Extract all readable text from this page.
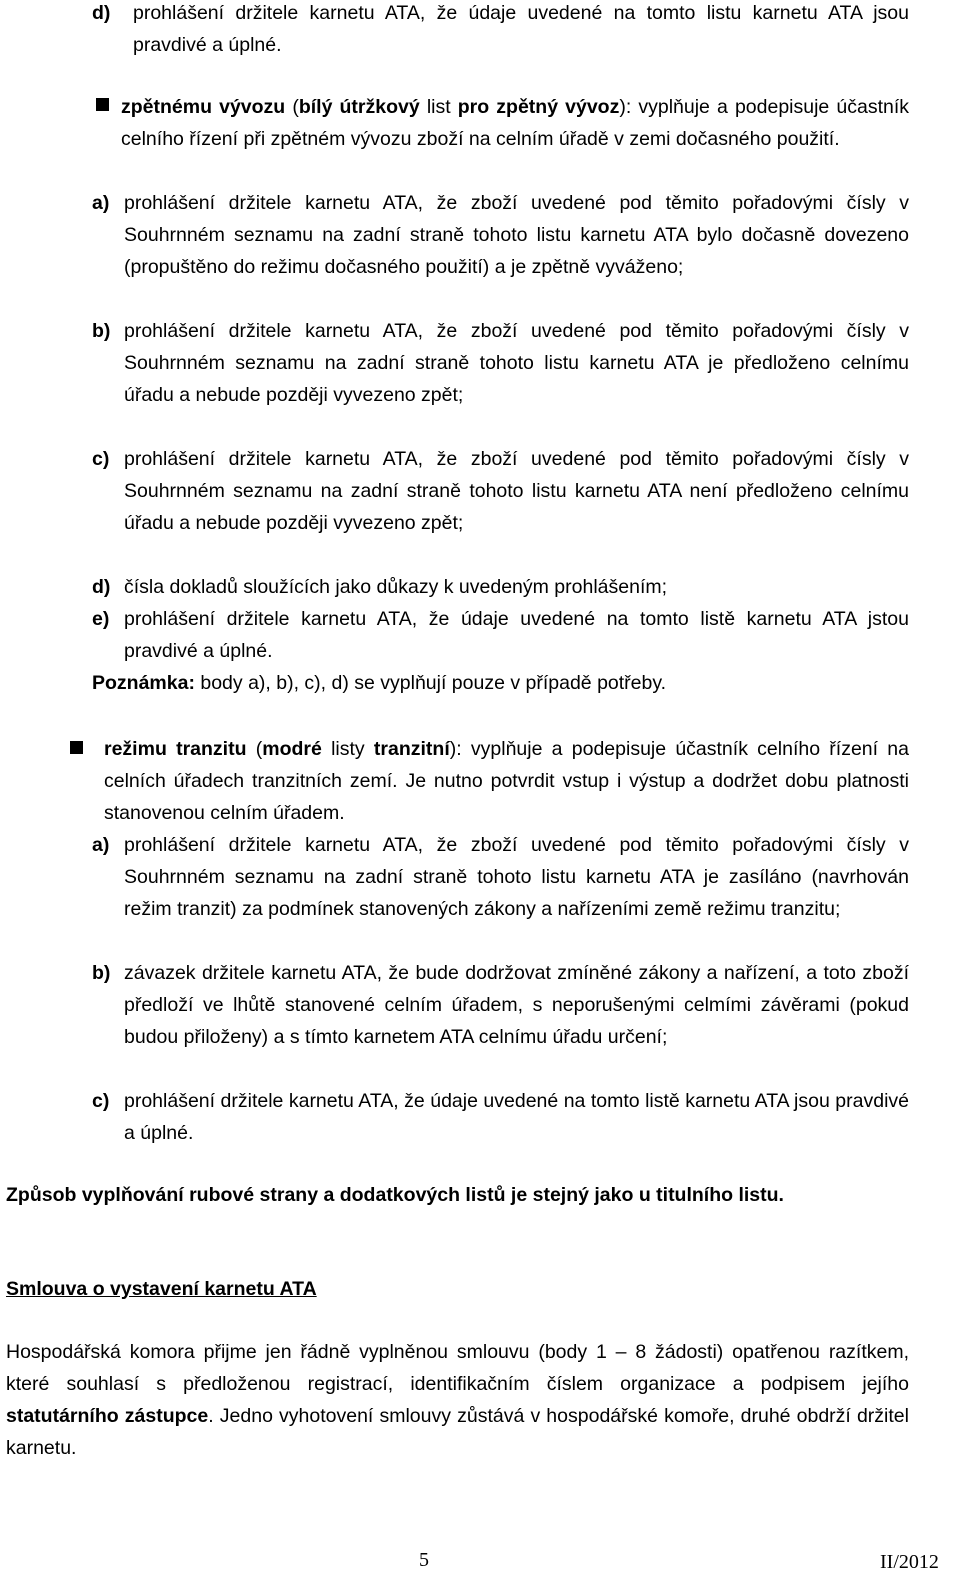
d) prohlášení držitele karnetu ATA, že údaje uvedené na tomto listu karnetu ATA jsou pravdivé a úplné.
zpětnému vývozu (bílý útržkový list pro zpětný vývoz): vyplňuje a podepisuje účastník celního řízení při zpětném vývozu zboží na celním úřadě v zemi dočasného použití.
a) prohlášení držitele karnetu ATA, že zboží uvedené pod těmito pořadovými čísly v Souhrnném seznamu na zadní straně tohoto listu karnetu ATA bylo dočasně dovezeno (propuštěno do režimu dočasného použití) a je zpětně vyváženo;
b) prohlášení držitele karnetu ATA, že zboží uvedené pod těmito pořadovými čísly v Souhrnném seznamu na zadní straně tohoto listu karnetu ATA je předloženo celnímu úřadu a nebude později vyvezeno zpět;
c) prohlášení držitele karnetu ATA, že zboží uvedené pod těmito pořadovými čísly v Souhrnném seznamu na zadní straně tohoto listu karnetu ATA není předloženo celnímu úřadu a nebude později vyvezeno zpět;
d) čísla dokladů sloužících jako důkazy k uvedeným prohlášením;
e) prohlášení držitele karnetu ATA, že údaje uvedené na tomto listě karnetu ATA jstou pravdivé a úplné.
Poznámka: body a), b), c), d) se vyplňují pouze v případě potřeby.
režimu tranzitu (modré listy tranzitní): vyplňuje a podepisuje účastník celního řízení na celních úřadech tranzitních zemí. Je nutno potvrdit vstup i výstup a dodržet dobu platnosti stanovenou celním úřadem.
a) prohlášení držitele karnetu ATA, že zboží uvedené pod těmito pořadovými čísly v Souhrnném seznamu na zadní straně tohoto listu karnetu ATA je zasíláno (navrhován režim tranzit) za podmínek stanovených zákony a nařízeními země režimu tranzitu;
b) závazek držitele karnetu ATA, že bude dodržovat zmíněné zákony a nařízení, a toto zboží předloží ve lhůtě stanovené celním úřadem, s neporušenými celmími závěrami (pokud budou přiloženy) a s tímto karnetem ATA celnímu úřadu určení;
c) prohlášení držitele karnetu ATA, že údaje uvedené na tomto listě karnetu ATA jsou pravdivé a úplné.
Způsob vyplňování rubové strany a dodatkových listů je stejný jako u titulního listu.
Smlouva o vystavení karnetu ATA
Hospodářská komora přijme jen řádně vyplněnou smlouvu (body 1 – 8 žádosti) opatřenou razítkem, které souhlasí s předloženou registrací, identifikačním číslem organizace a podpisem jejího statutárního zástupce. Jedno vyhotovení smlouvy zůstává v hospodářské komoře, druhé obdrží držitel karnetu.
5	II/2012
